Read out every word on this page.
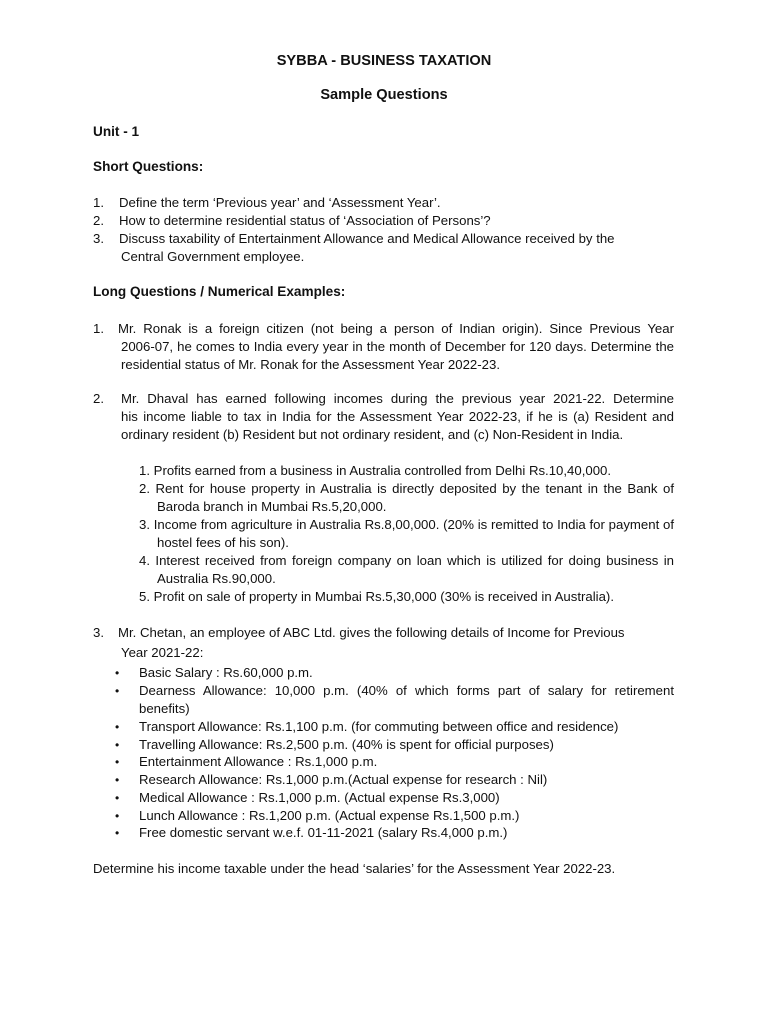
SYBBA - BUSINESS TAXATION
Sample Questions
Unit - 1
Short Questions:
1. Define the term ‘Previous year’ and ‘Assessment Year’.
2. How to determine residential status of ‘Association of Persons’?
3. Discuss taxability of Entertainment Allowance and Medical Allowance received by the
Central Government employee.
Long Questions / Numerical Examples:
1. Mr. Ronak is a foreign citizen (not being a person of Indian origin). Since Previous Year
2006-07, he comes to India every year in the month of December for 120 days. Determine the residential status of Mr. Ronak for the Assessment Year 2022-23.
2. Mr. Dhaval has earned following incomes during the previous year 2021-22. Determine
his income liable to tax in India for the Assessment Year 2022-23, if he is (a) Resident and ordinary resident (b) Resident but not ordinary resident, and (c) Non-Resident in India.
1. Profits earned from a business in Australia controlled from Delhi Rs.10,40,000.
2. Rent for house property in Australia is directly deposited by the tenant in the Bank of Baroda branch in Mumbai Rs.5,20,000.
3. Income from agriculture in Australia Rs.8,00,000. (20% is remitted to India for payment of hostel fees of his son).
4. Interest received from foreign company on loan which is utilized for doing business in Australia Rs.90,000.
5. Profit on sale of property in Mumbai Rs.5,30,000 (30% is received in Australia).
3. Mr. Chetan, an employee of ABC Ltd. gives the following details of Income for Previous
Year 2021-22:
• Basic Salary : Rs.60,000 p.m.
• Dearness Allowance: 10,000 p.m. (40% of which forms part of salary for retirement benefits)
• Transport Allowance: Rs.1,100 p.m. (for commuting between office and residence)
• Travelling Allowance: Rs.2,500 p.m. (40% is spent for official purposes)
• Entertainment Allowance : Rs.1,000 p.m.
• Research Allowance: Rs.1,000 p.m.(Actual expense for research : Nil)
• Medical Allowance : Rs.1,000 p.m. (Actual expense Rs.3,000)
• Lunch Allowance : Rs.1,200 p.m. (Actual expense Rs.1,500 p.m.)
• Free domestic servant w.e.f. 01-11-2021 (salary Rs.4,000 p.m.)
Determine his income taxable under the head ‘salaries’ for the Assessment Year 2022-23.
